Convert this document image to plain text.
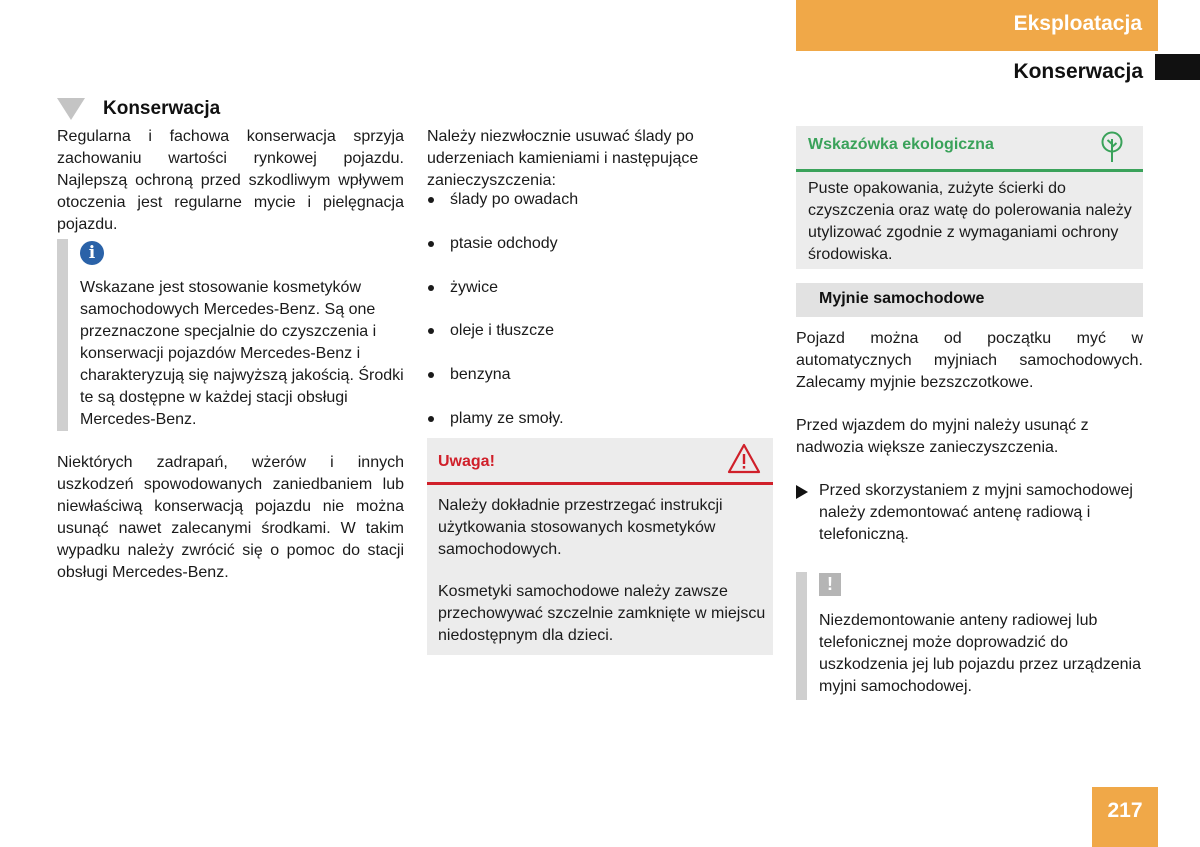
Eksploatacja
Konserwacja
Konserwacja

Regularna i fachowa konserwacja sprzyja zachowaniu wartości rynkowej pojazdu. Najlepszą ochroną przed szkodliwym wpływem otoczenia jest regularne mycie i pielęgnacja pojazdu.

i

Wskazane jest stosowanie kosmetyków samochodowych Mercedes-Benz. Są one przeznaczone specjalnie do czyszczenia i konserwacji pojazdów Mercedes-Benz i charakteryzują się najwyższą jakością. Środki te są dostępne w każdej stacji obsługi Mercedes-Benz.

Niektórych zadrapań, wżerów i innych uszkodzeń spowodowanych zaniedbaniem lub niewłaściwą konserwacją pojazdu nie można usunąć nawet zalecanymi środkami. W takim wypadku należy zwrócić się o pomoc do stacji obsługi Mercedes-Benz.

Należy niezwłocznie usuwać ślady po uderzeniach kamieniami i następujące zanieczyszczenia:

ślady po owadach
ptasie odchody
żywice
oleje i tłuszcze
benzyna
plamy ze smoły.
Uwaga!

Należy dokładnie przestrzegać instrukcji użytkowania stosowanych kosmetyków samochodowych.

Kosmetyki samochodowe należy zawsze przechowywać szczelnie zamknięte w miejscu niedostępnym dla dzieci.

Wskazówka ekologiczna

Puste opakowania, zużyte ścierki do czyszczenia oraz watę do polerowania należy utylizować zgodnie z wymaganiami ochrony środowiska.

Myjnie samochodowe

Pojazd można od początku myć w automatycznych myjniach samochodowych. Zalecamy myjnie bezszczotkowe.

Przed wjazdem do myjni należy usunąć z nadwozia większe zanieczyszczenia.

Przed skorzystaniem z myjni samochodowej należy zdemontować antenę radiową i telefoniczną.

!

Niezdemontowanie anteny radiowej lub telefonicznej może doprowadzić do uszkodzenia jej lub pojazdu przez urządzenia myjni samochodowej.

217
